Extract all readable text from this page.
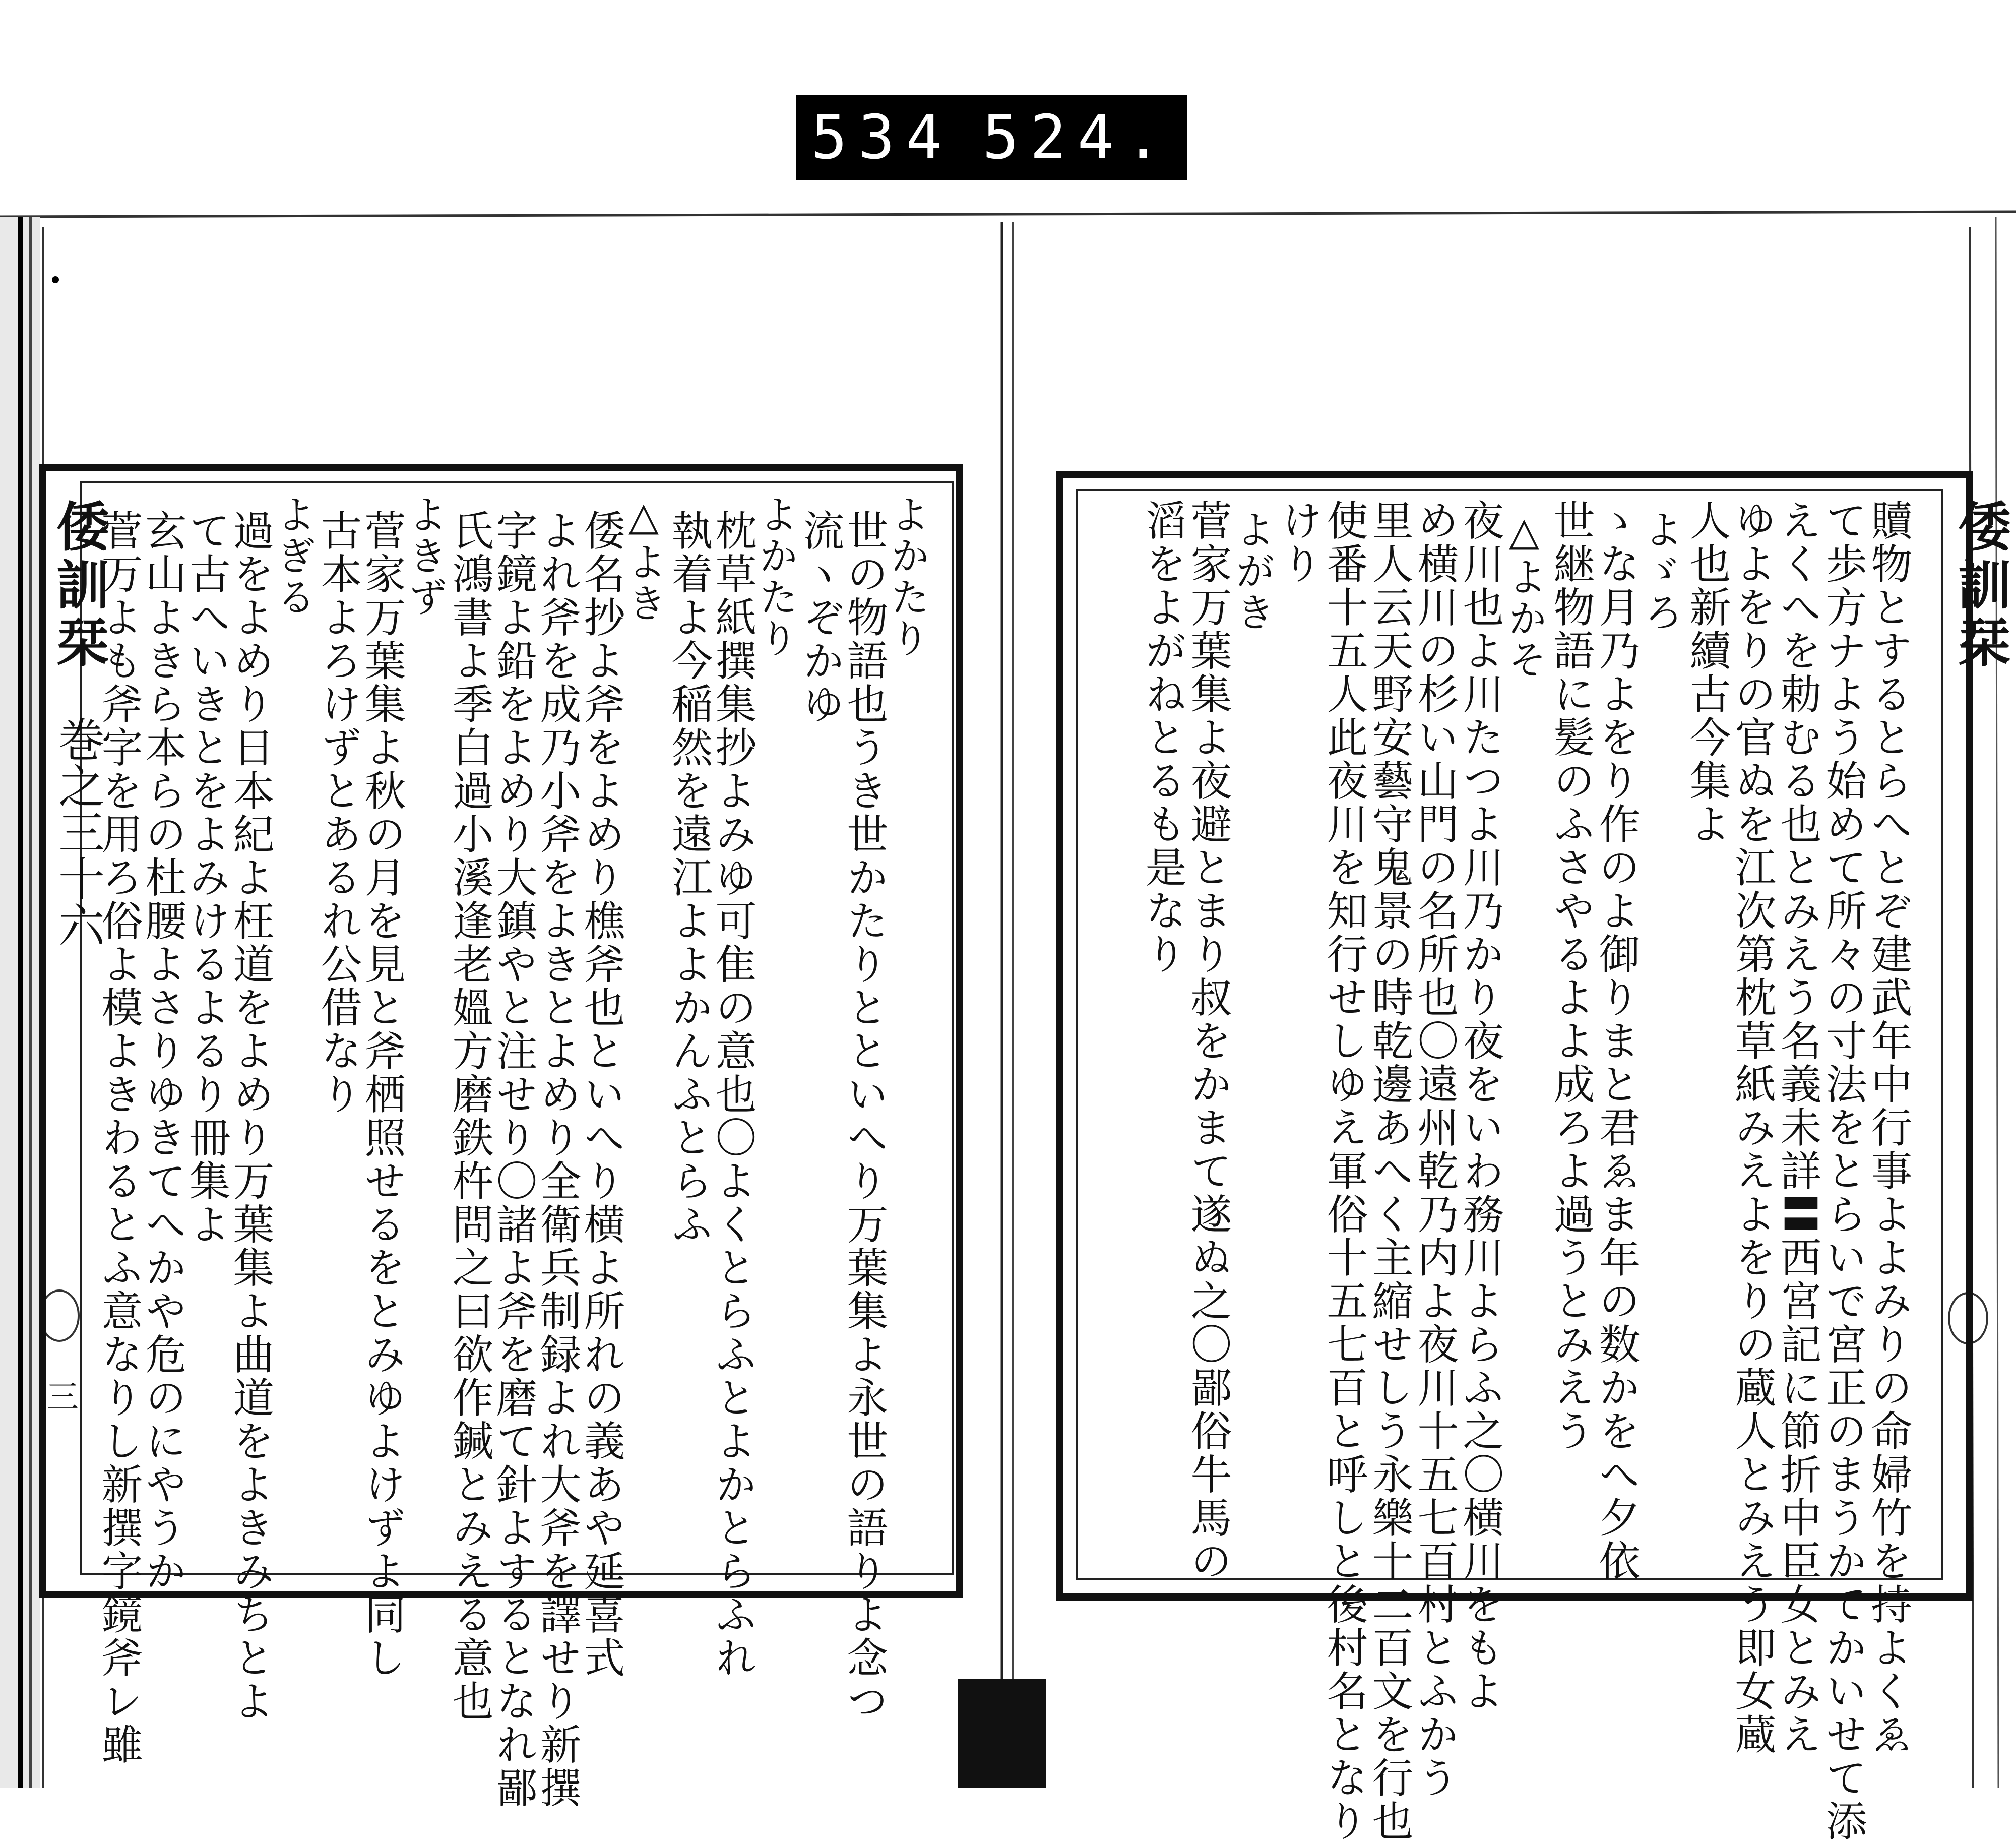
534 524.
倭訓栞
巻之三十六
三
よかたり
世の物語也うき世かたりとといへり万葉集よ永世の語りよ念つ
流ヽぞかゆ
よかたり
枕草紙撰集抄よみゆ可隹の意也〇よくとらふとよかとらふれ
執着よ今稲然を遠江よよかんふとらふ
△よき
倭名抄よ斧をよめり樵斧也といへり横よ所れの義あや延喜式
よれ斧を成乃小斧をよきとよめり全衛兵制録よれ大斧を譯せり新撰
字鏡よ鉛をよめり大鎮やと注せり〇諸よ斧を磨て針よするとなれ鄙
氏鴻書よ季白過小溪逢老媼方磨鉄杵問之曰欲作鍼とみえる意也
よきず
菅家万葉集よ秋の月を見と斧栖照せるをとみゆよけずよ同し
古本よろけずとあるれ公借なり
よぎる
過をよめり日本紀よ枉道をよめり万葉集よ曲道をよきみちとよ
て古へいきとをよみけるよるり冊集よ
玄山よきら本らの杜腰よさりゆきてへかや危のにやうか
菅万よも斧字を用ろ俗よ模よきわるとふ意なりし新撰字鏡斧レ雖	倭訓栞
贖物とするとらへとぞ建武年中行事よよみりの命婦竹を持よくゑ
て歩方ナよう始めて所々の寸法をとらいで宮正のまうかてかいせて添
えくへを勅むる也とみえう名義未詳〓西宮記に節折中臣女とみえ
ゆよをりの官ぬを江次第枕草紙みえよをりの蔵人とみえう即女蔵
人也新續古今集よ
よゞろ
ゝな月乃よをり作のよ御りまと君ゑま年の数かをへ夕依
世継物語に髪のふさやるよよ成ろよ過うとみえう
△よかそ
夜川也よ川たつよ川乃かり夜をいわ務川よらふ之〇横川をもよ
め横川の杉い山門の名所也〇遠州乾乃内よ夜川十五七百村とふかう
里人云天野安藝守鬼景の時乾邊あへく主縮せしう永樂十二百文を行也
使番十五人此夜川を知行せしゆえ軍俗十五七百と呼しと後村名となり
けり
よがき
菅家万葉集よ夜避とまり叔をかまて遂ぬ之〇鄙俗牛馬の
滔をよがねとるも是なり
